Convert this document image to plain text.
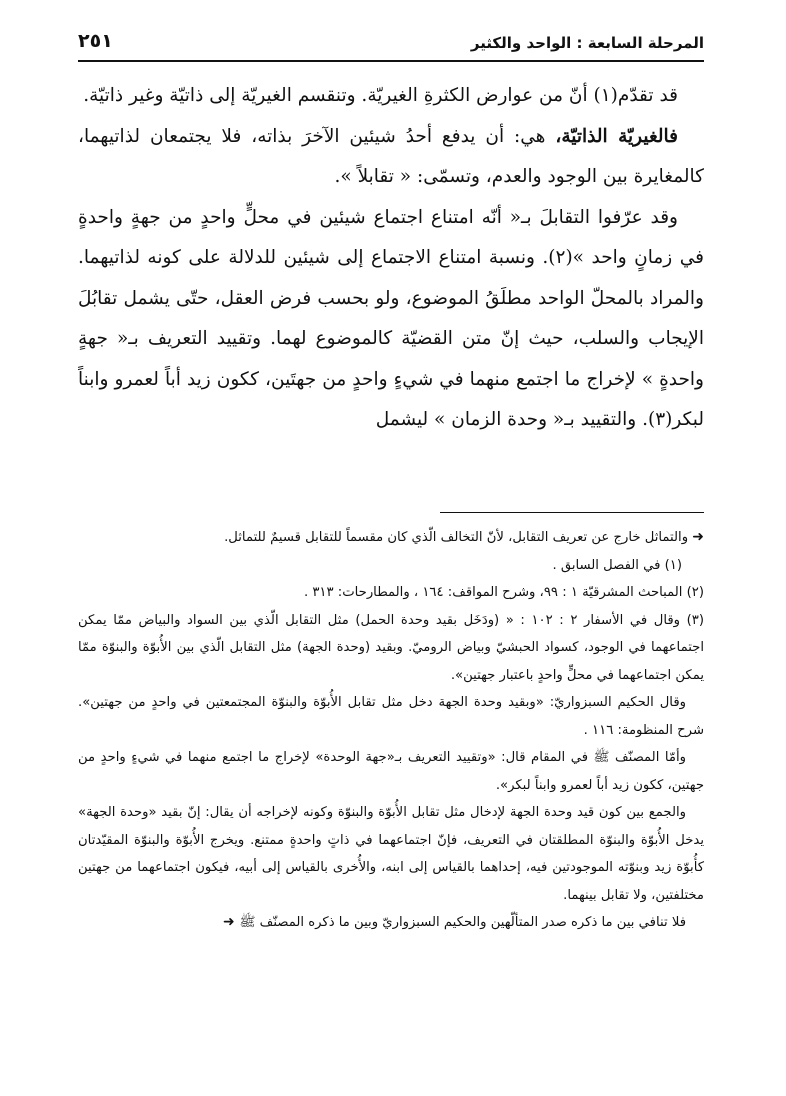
المرحلة السابعة : الواحد والكثير
٢٥١

قد تقدّم(١) أنّ من عوارض الكثرةِ الغيريّة. وتنقسم الغيريّة إلى ذاتيّة وغير ذاتيّة.

فالغيريّة الذاتيّة، هي: أن يدفع أحدُ شيئين الآخرَ بذاته، فلا يجتمعان لذاتيهما، كالمغايرة بين الوجود والعدم، وتسمّى: « تقابلاً ».

وقد عرّفوا التقابلَ بـ« أنّه امتناع اجتماع شيئين في محلٍّ واحدٍ من جهةٍ واحدةٍ في زمانٍ واحد »(٢). ونسبة امتناع الاجتماع إلى شيئين للدلالة على كونه لذاتيهما. والمراد بالمحلّ الواحد مطلَقُ الموضوع، ولو بحسب فرض العقل، حتّى يشمل تقابُلَ الإيجاب والسلب، حيث إنّ متن القضيّة كالموضوع لهما. وتقييد التعريف بـ« جهةٍ واحدةٍ » لإخراج ما اجتمع منهما في شيءٍ واحدٍ من جهتَين، ككون زيد أباً لعمرو وابناً لبكر(٣). والتقييد بـ« وحدة الزمان » ليشمل

➜ والتماثل خارج عن تعريف التقابل، لأنّ التخالف الّذي كان مقسماً للتقابل قسيمٌ للتماثل.

(١) في الفصل السابق .

(٢) المباحث المشرقيّة ١ : ٩٩، وشرح المواقف: ١٦٤ ، والمطارحات: ٣١٣ .

(٣) وقال في الأسفار ٢ : ١٠٢ : « (ودَخَل بقيد وحدة الحمل) مثل التقابل الّذي بين السواد والبياض ممّا يمكن اجتماعهما في الوجود، كسواد الحبشيّ وبياض الروميّ. وبقيد (وحدة الجهة) مثل التقابل الّذي بين الأُبوّة والبنوّة ممّا يمكن اجتماعهما في محلٍّ واحدٍ باعتبار جهتين».

وقال الحكيم السبزواريّ: «وبقيد وحدة الجهة دخل مثل تقابل الأُبوّة والبنوّة المجتمعتين في واحدٍ من جهتين». شرح المنظومة: ١١٦ .

وأمّا المصنّف ﷺ في المقام قال: «وتقييد التعريف بـ«جهة الوحدة» لإخراج ما اجتمع منهما في شيءٍ واحدٍ من جهتين، ككون زيد أباً لعمرو وابناً لبكر».

والجمع بين كون قيد وحدة الجهة لإدخال مثل تقابل الأُبوّة والبنوّة وكونه لإخراجه أن يقال: إنّ بقيد «وحدة الجهة» يدخل الأُبوّة والبنوّة المطلقتان في التعريف، فإنّ اجتماعهما في ذاتٍ واحدةٍ ممتنع. ويخرج الأُبوّة والبنوّة المقيّدتان كأُبوّة زيد وبنوّته الموجودتين فيه، إحداهما بالقياس إلى ابنه، والأُخرى بالقياس إلى أبيه، فيكون اجتماعهما من جهتين مختلفتين، ولا تقابل بينهما.

فلا تنافي بين ما ذكره صدر المتألّهين والحكيم السبزواريّ وبين ما ذكره المصنّف ﷺ ➜
